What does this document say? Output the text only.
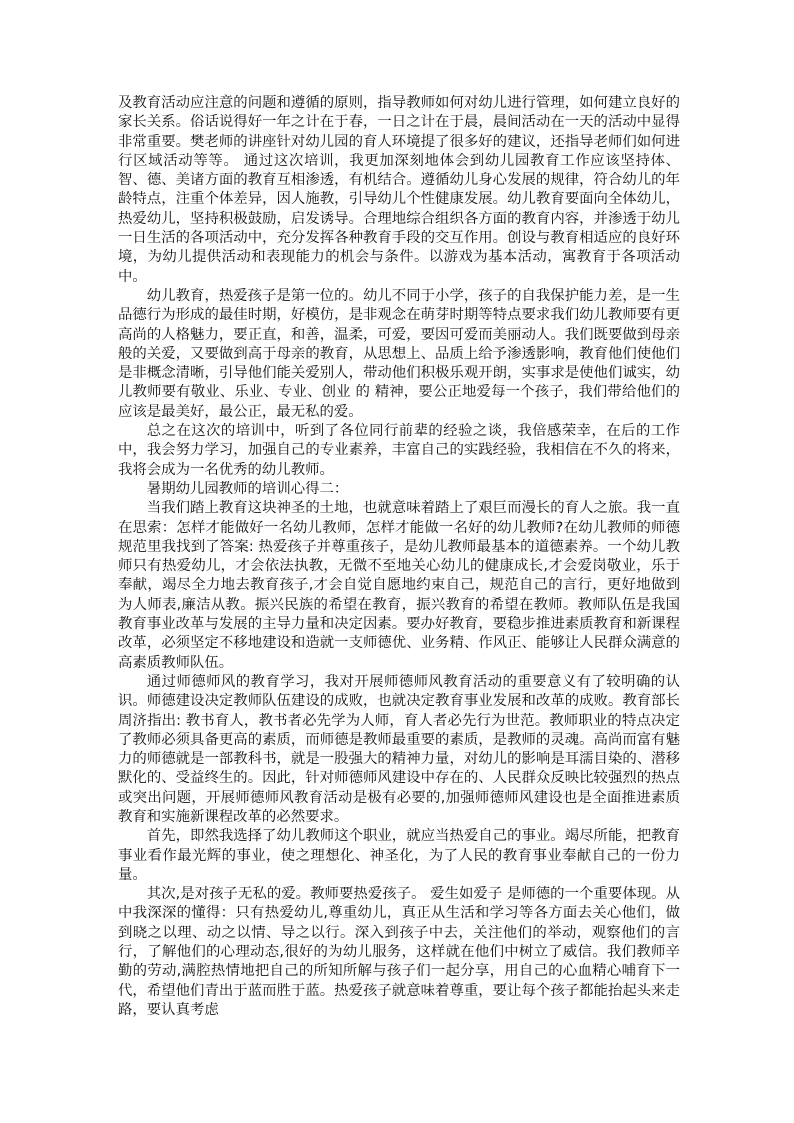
及教育活动应注意的问题和遵循的原则，指导教师如何对幼儿进行管理，如何建立良好的家长关系。俗话说得好一年之计在于春，一日之计在于晨，晨间活动在一天的活动中显得非常重要。樊老师的讲座针对幼儿园的育人环境提了很多好的建议，还指导老师们如何进行区域活动等等。 通过这次培训，我更加深刻地体会到幼儿园教育工作应该坚持体、智、德、美诸方面的教育互相渗透，有机结合。遵循幼儿身心发展的规律，符合幼儿的年龄特点，注重个体差异，因人施教，引导幼儿个性健康发展。幼儿教育要面向全体幼儿，热爱幼儿，坚持积极鼓励，启发诱导。合理地综合组织各方面的教育内容，并渗透于幼儿一日生活的各项活动中，充分发挥各种教育手段的交互作用。创设与教育相适应的良好环境，为幼儿提供活动和表现能力的机会与条件。以游戏为基本活动，寓教育于各项活动中。

幼儿教育，热爱孩子是第一位的。幼儿不同于小学，孩子的自我保护能力差，是一生品德行为形成的最佳时期，好模仿，是非观念在萌芽时期等特点要求我们幼儿教师要有更高尚的人格魅力，要正直，和善，温柔，可爱，要因可爱而美丽动人。我们既要做到母亲般的关爱，又要做到高于母亲的教育，从思想上、品质上给予渗透影响，教育他们使他们是非概念清晰，引导他们能关爱别人，带动他们积极乐观开朗，实事求是使他们诚实，幼儿教师要有敬业、乐业、专业、创业 的 精神，要公正地爱每一个孩子，我们带给他们的应该是最美好，最公正，最无私的爱。

总之在这次的培训中，听到了各位同行前辈的经验之谈，我倍感荣幸，在后的工作中，我会努力学习，加强自己的专业素养，丰富自己的实践经验，我相信在不久的将来，我将会成为一名优秀的幼儿教师。

暑期幼儿园教师的培训心得二：

当我们踏上教育这块神圣的土地，也就意味着踏上了艰巨而漫长的育人之旅。我一直在思索：怎样才能做好一名幼儿教师，怎样才能做一名好的幼儿教师?在幼儿教师的师德规范里我找到了答案: 热爱孩子并尊重孩子，是幼儿教师最基本的道德素养。一个幼儿教师只有热爱幼儿，才会依法执教，无微不至地关心幼儿的健康成长,才会爱岗敬业，乐于奉献，竭尽全力地去教育孩子,才会自觉自愿地约束自己，规范自己的言行，更好地做到为人师表,廉洁从教。振兴民族的希望在教育，振兴教育的希望在教师。教师队伍是我国教育事业改革与发展的主导力量和决定因素。要办好教育，要稳步推进素质教育和新课程改革，必须坚定不移地建设和造就一支师德优、业务精、作风正、能够让人民群众满意的高素质教师队伍。

通过师德师风的教育学习，我对开展师德师风教育活动的重要意义有了较明确的认识。师德建设决定教师队伍建设的成败，也就决定教育事业发展和改革的成败。教育部长周济指出: 教书育人，教书者必先学为人师，育人者必先行为世范。教师职业的特点决定了教师必须具备更高的素质，而师德是教师最重要的素质，是教师的灵魂。高尚而富有魅力的师德就是一部教科书，就是一股强大的精神力量，对幼儿的影响是耳濡目染的、潜移默化的、受益终生的。因此，针对师德师风建设中存在的、人民群众反映比较强烈的热点或突出问题，开展师德师风教育活动是极有必要的,加强师德师风建设也是全面推进素质教育和实施新课程改革的必然要求。

首先，即然我选择了幼儿教师这个职业，就应当热爱自己的事业。竭尽所能，把教育事业看作最光辉的事业，使之理想化、神圣化，为了人民的教育事业奉献自己的一份力量。

其次,是对孩子无私的爱。教师要热爱孩子。 爱生如爱子 是师德的一个重要体现。从中我深深的懂得：只有热爱幼儿,尊重幼儿，真正从生活和学习等各方面去关心他们，做到晓之以理、动之以情、导之以行。深入到孩子中去，关注他们的举动，观察他们的言行，了解他们的心理动态,很好的为幼儿服务，这样就在他们中树立了威信。我们教师辛勤的劳动,满腔热情地把自己的所知所解与孩子们一起分享，用自己的心血精心哺育下一代，希望他们青出于蓝而胜于蓝。热爱孩子就意味着尊重，要让每个孩子都能抬起头来走路，要认真考虑
